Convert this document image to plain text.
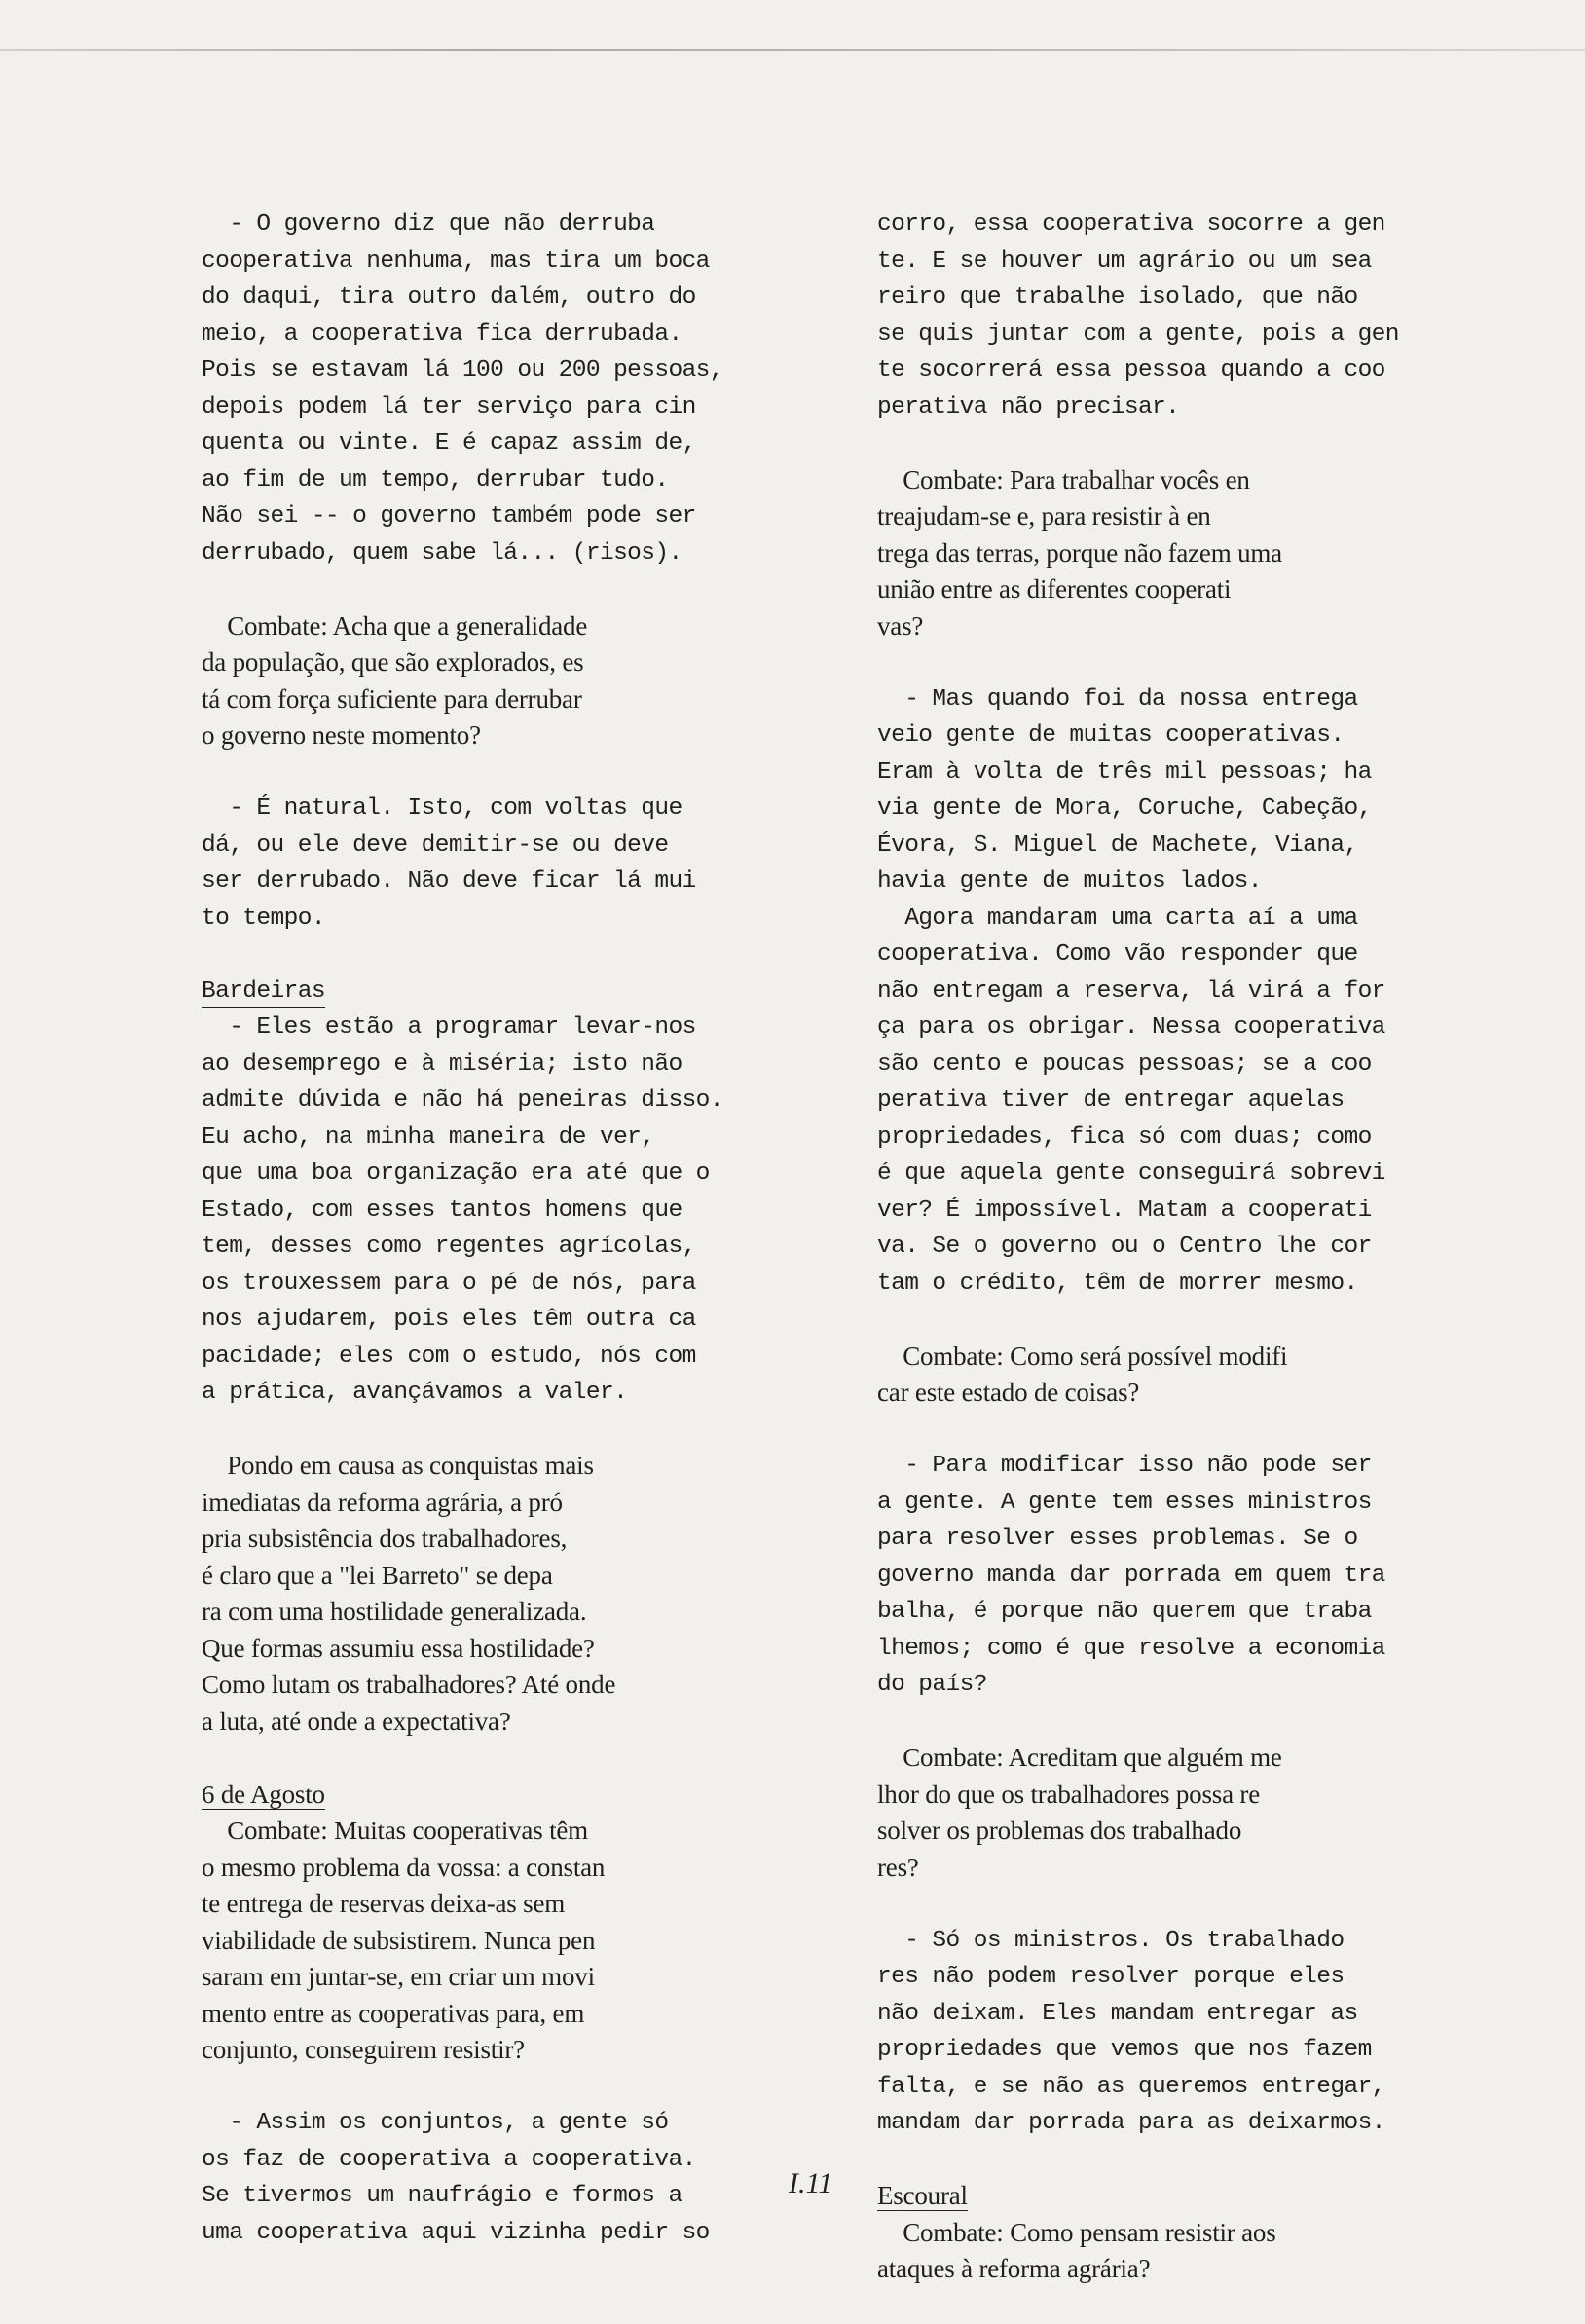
- O governo diz que não derruba
cooperativa nenhuma, mas tira um boca
do daqui, tira outro dalém, outro do
meio, a cooperativa fica derrubada.
Pois se estavam lá 100 ou 200 pessoas,
depois podem lá ter serviço para cin
quenta ou vinte. E é capaz assim de,
ao fim de um tempo, derrubar tudo.
Não sei -- o governo também pode ser
derrubado, quem sabe lá... (risos).
Combate: Acha que a generalidade
da população, que são explorados, es
tá com força suficiente para derrubar
o governo neste momento?
- É natural. Isto, com voltas que
dá, ou ele deve demitir-se ou deve
ser derrubado. Não deve ficar lá mui
to tempo.
Bardeiras
- Eles estão a programar levar-nos
ao desemprego e à miséria; isto não
admite dúvida e não há peneiras disso.
Eu acho, na minha maneira de ver,
que uma boa organização era até que o
Estado, com esses tantos homens que
tem, desses como regentes agrícolas,
os trouxessem para o pé de nós, para
nos ajudarem, pois eles têm outra ca
pacidade; eles com o estudo, nós com
a prática, avançávamos a valer.
Pondo em causa as conquistas mais
imediatas da reforma agrária, a pró
pria subsistência dos trabalhadores,
é claro que a "lei Barreto" se depa
ra com uma hostilidade generalizada.
Que formas assumiu essa hostilidade?
Como lutam os trabalhadores? Até onde
a luta, até onde a expectativa?
6 de Agosto
Combate: Muitas cooperativas têm
o mesmo problema da vossa: a constan
te entrega de reservas deixa-as sem
viabilidade de subsistirem. Nunca pen
saram em juntar-se, em criar um movi
mento entre as cooperativas para, em
conjunto, conseguirem resistir?
- Assim os conjuntos, a gente só
os faz de cooperativa a cooperativa.
Se tivermos um naufrágio e formos a
uma cooperativa aqui vizinha pedir so
corro, essa cooperativa socorre a gen
te. E se houver um agrário ou um sea
reiro que trabalhe isolado, que não
se quis juntar com a gente, pois a gen
te socorrerá essa pessoa quando a coo
perativa não precisar.
Combate: Para trabalhar vocês en
treajudam-se e, para resistir à en
trega das terras, porque não fazem uma
união entre as diferentes cooperati
vas?
- Mas quando foi da nossa entrega
veio gente de muitas cooperativas.
Eram à volta de três mil pessoas; ha
via gente de Mora, Coruche, Cabeção,
Évora, S. Miguel de Machete, Viana,
havia gente de muitos lados.
Agora mandaram uma carta aí a uma
cooperativa. Como vão responder que
não entregam a reserva, lá virá a for
ça para os obrigar. Nessa cooperativa
são cento e poucas pessoas; se a coo
perativa tiver de entregar aquelas
propriedades, fica só com duas; como
é que aquela gente conseguirá sobrevi
ver? É impossível. Matam a cooperati
va. Se o governo ou o Centro lhe cor
tam o crédito, têm de morrer mesmo.
Combate: Como será possível modifi
car este estado de coisas?
- Para modificar isso não pode ser
a gente. A gente tem esses ministros
para resolver esses problemas. Se o
governo manda dar porrada em quem tra
balha, é porque não querem que traba
lhemos; como é que resolve a economia
do país?
Combate: Acreditam que alguém me
lhor do que os trabalhadores possa re
solver os problemas dos trabalhado
res?
- Só os ministros. Os trabalhado
res não podem resolver porque eles
não deixam. Eles mandam entregar as
propriedades que vemos que nos fazem
falta, e se não as queremos entregar,
mandam dar porrada para as deixarmos.
Escoural
Combate: Como pensam resistir aos
ataques à reforma agrária?
I.11
